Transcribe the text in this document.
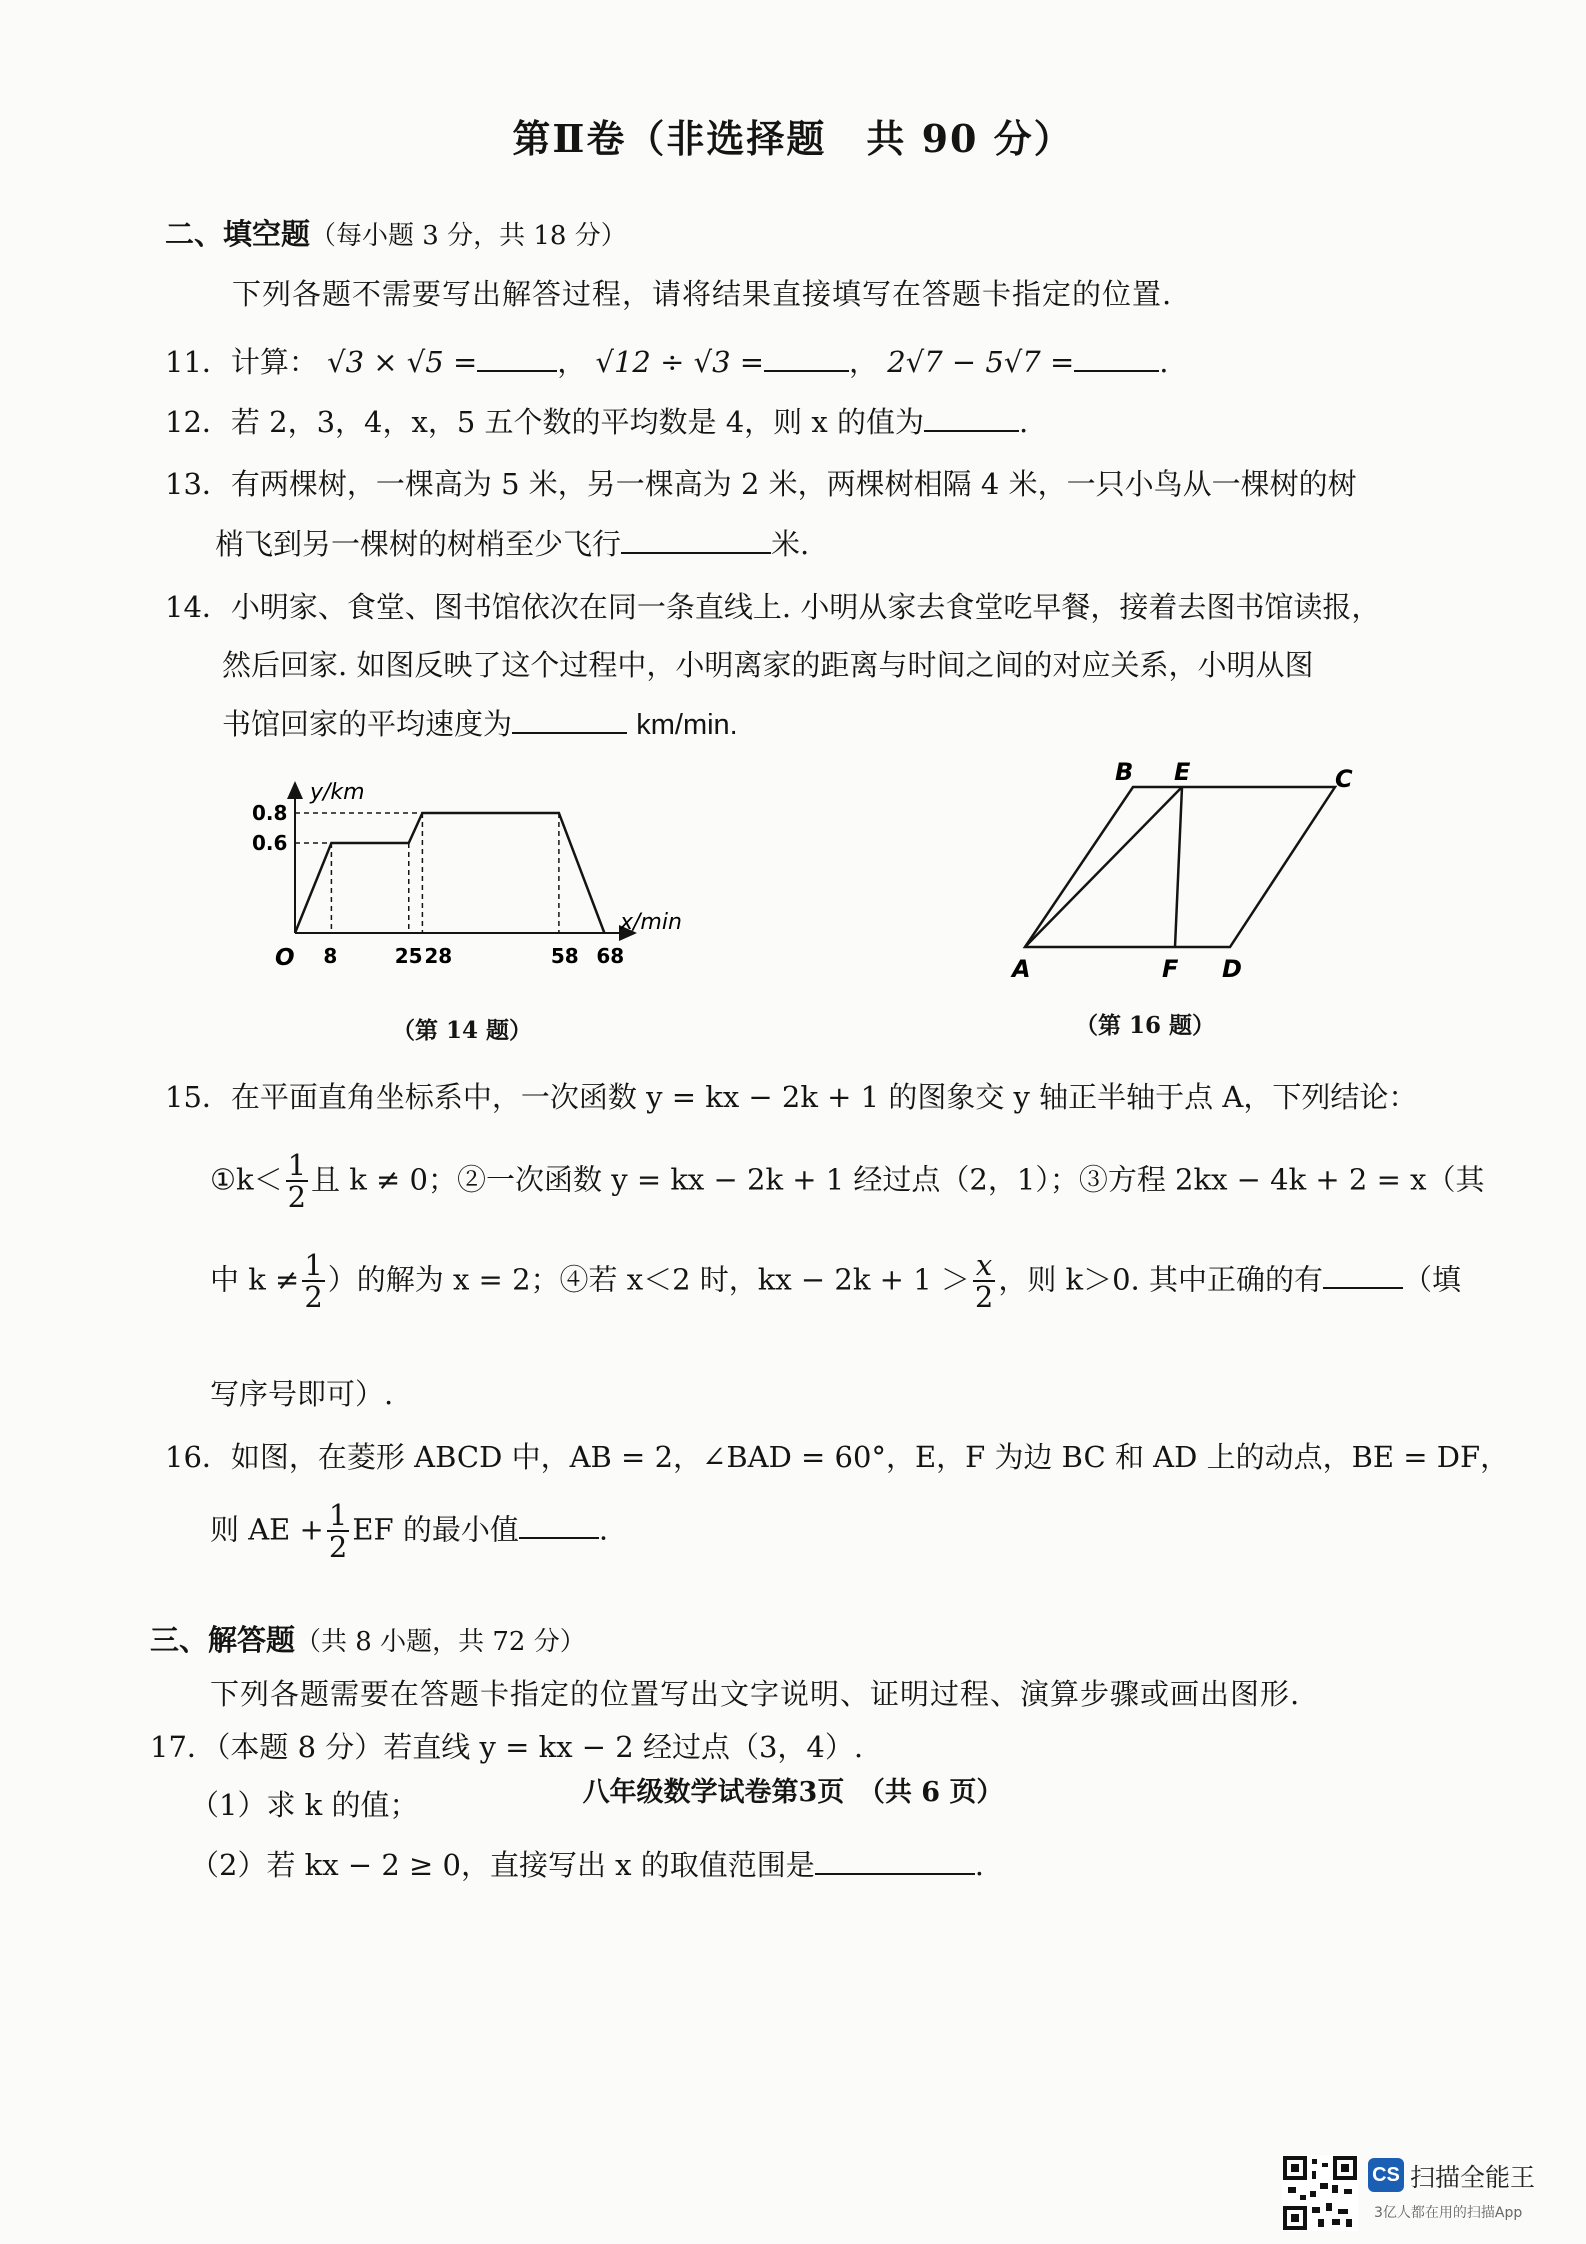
第Ⅱ卷（非选择题　共 90 分）
二、填空题（每小题 3 分，共 18 分）
下列各题不需要写出解答过程，请将结果直接填写在答题卡指定的位置.
11．计算： √3 × √5 =	， √12 ÷ √3 =	， 2√7 − 5√7 =	.
12．若 2，3，4，x，5 五个数的平均数是 4，则 x 的值为	.
13．有两棵树，一棵高为 5 米，另一棵高为 2 米，两棵树相隔 4 米，一只小鸟从一棵树的树
梢飞到另一棵树的树梢至少飞行	米.
14．小明家、食堂、图书馆依次在同一条直线上. 小明从家去食堂吃早餐，接着去图书馆读报，
然后回家. 如图反映了这个过程中，小明离家的距离与时间之间的对应关系，小明从图
书馆回家的平均速度为	km/min.
0.8
0.6
8	25 28	58 68
y/km
x/min
O
（第 14 题）
B E	C
A	F D
（第 16 题）
15．在平面直角坐标系中，一次函数 y = kx − 2k + 1 的图象交 y 轴正半轴于点 A，下列结论：
①k＜ $\frac{1}{2}$ 且 k ≠ 0；②一次函数 y = kx − 2k + 1 经过点（2，1）；③方程 2kx − 4k + 2 = x（其
中 $k \ne \frac{1}{2}$ ）的解为 x = 2；④若 x＜2 时，kx − $2k + 1 > \frac{x}{2}$ ，则 k＞0. 其中正确的有	（填
写序号即可）.
16．如图，在菱形 ABCD 中，AB = 2，∠BAD = 60°，E，F 为边 BC 和 AD 上的动点，BE = DF，
则 AE + $\frac{1}{2}$ EF 的最小值	.
三、解答题（共 8 小题，共 72 分）
下列各题需要在答题卡指定的位置写出文字说明、证明过程、演算步骤或画出图形.
17．（本题 8 分）若直线 y = kx − 2 经过点（3，4）.
（1）求 k 的值；
（2）若 kx − 2 ≥ 0，直接写出 x 的取值范围是	.
八年级数学试卷第3页　（共 6 页）
CS 扫描全能王
3亿人都在用的扫描App
